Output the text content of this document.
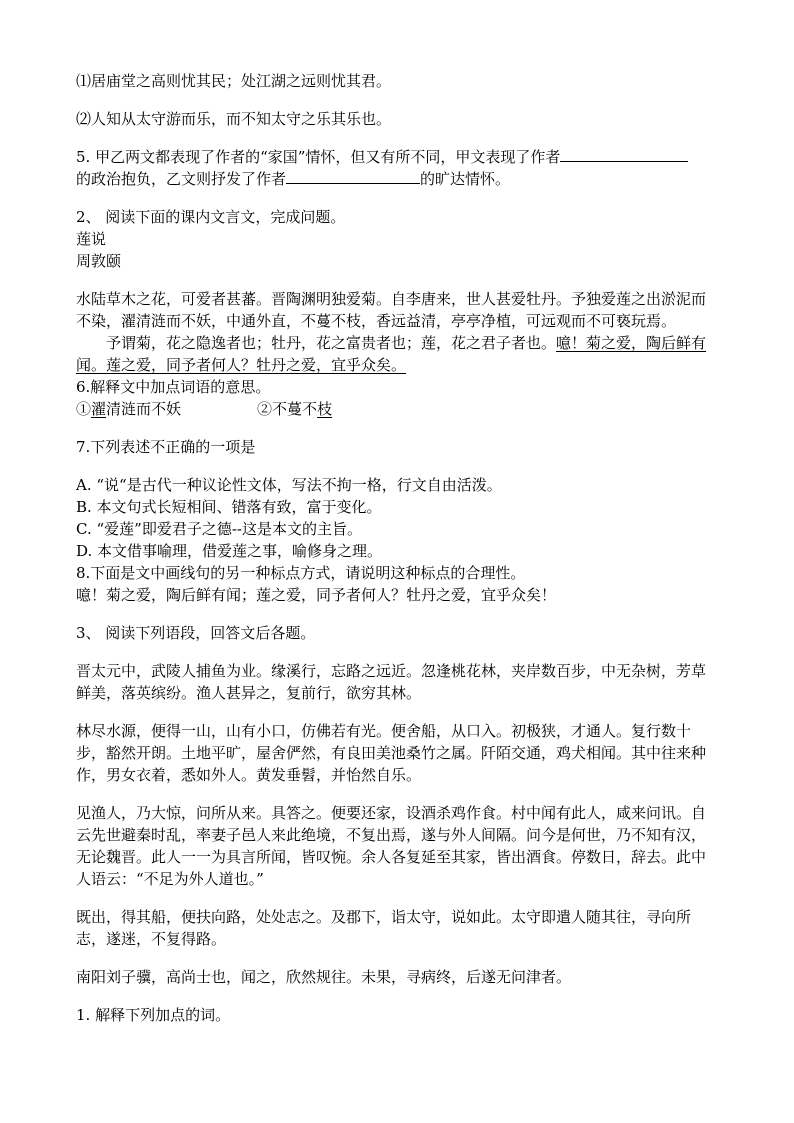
⑴居庙堂之高则忧其民；处江湖之远则忧其君。

⑵人知从太守游而乐，而不知太守之乐其乐也。

5. 甲乙两文都表现了作者的“家国”情怀，但又有所不同，甲文表现了作者
的政治抱负，乙文则抒发了作者	的旷达情怀。

2、 阅读下面的课内文言文，完成问题。

莲说

周敦颐

水陆草木之花，可爱者甚蕃。晋陶渊明独爱菊。自李唐来，世人甚爱牡丹。予独爱莲之出淤泥而不染，濯清涟而不妖，中通外直，不蔓不枝，香远益清，亭亭净植，可远观而不可亵玩焉。

予谓菊，花之隐逸者也；牡丹，花之富贵者也；莲，花之君子者也。噫！菊之爱，陶后鲜有闻。莲之爱，同予者何人？牡丹之爱，宜乎众矣。

6.解释文中加点词语的意思。

①濯清涟而不妖	②不蔓不枝

7.下列表述不正确的一项是

A. “说“是古代一种议论性文体，写法不拘一格，行文自由活泼。

B. 本文句式长短相间、错落有致，富于变化。

C. “爱莲”即爱君子之德--这是本文的主旨。

D. 本文借事喻理，借爱莲之事，喻修身之理。

8.下面是文中画线句的另一种标点方式，请说明这种标点的合理性。

噫！菊之爱，陶后鲜有闻；莲之爱，同予者何人？牡丹之爱，宜乎众矣！

3、 阅读下列语段，回答文后各题。

晋太元中，武陵人捕鱼为业。缘溪行，忘路之远近。忽逢桃花林，夹岸数百步，中无杂树，芳草鲜美，落英缤纷。渔人甚异之，复前行，欲穷其林。

林尽水源，便得一山，山有小口，仿佛若有光。便舍船，从口入。初极狭，才通人。复行数十步，豁然开朗。土地平旷，屋舍俨然，有良田美池桑竹之属。阡陌交通，鸡犬相闻。其中往来种作，男女衣着，悉如外人。黄发垂髫，并怡然自乐。

见渔人，乃大惊，问所从来。具答之。便要还家，设酒杀鸡作食。村中闻有此人，咸来问讯。自云先世避秦时乱，率妻子邑人来此绝境，不复出焉，遂与外人间隔。问今是何世，乃不知有汉，无论魏晋。此人一一为具言所闻，皆叹惋。余人各复延至其家，皆出酒食。停数日，辞去。此中人语云：“不足为外人道也。”

既出，得其船，便扶向路，处处志之。及郡下，诣太守，说如此。太守即遣人随其往，寻向所志，遂迷，不复得路。

南阳刘子骥，高尚士也，闻之，欣然规往。未果，寻病终，后遂无问津者。

1. 解释下列加点的词。
